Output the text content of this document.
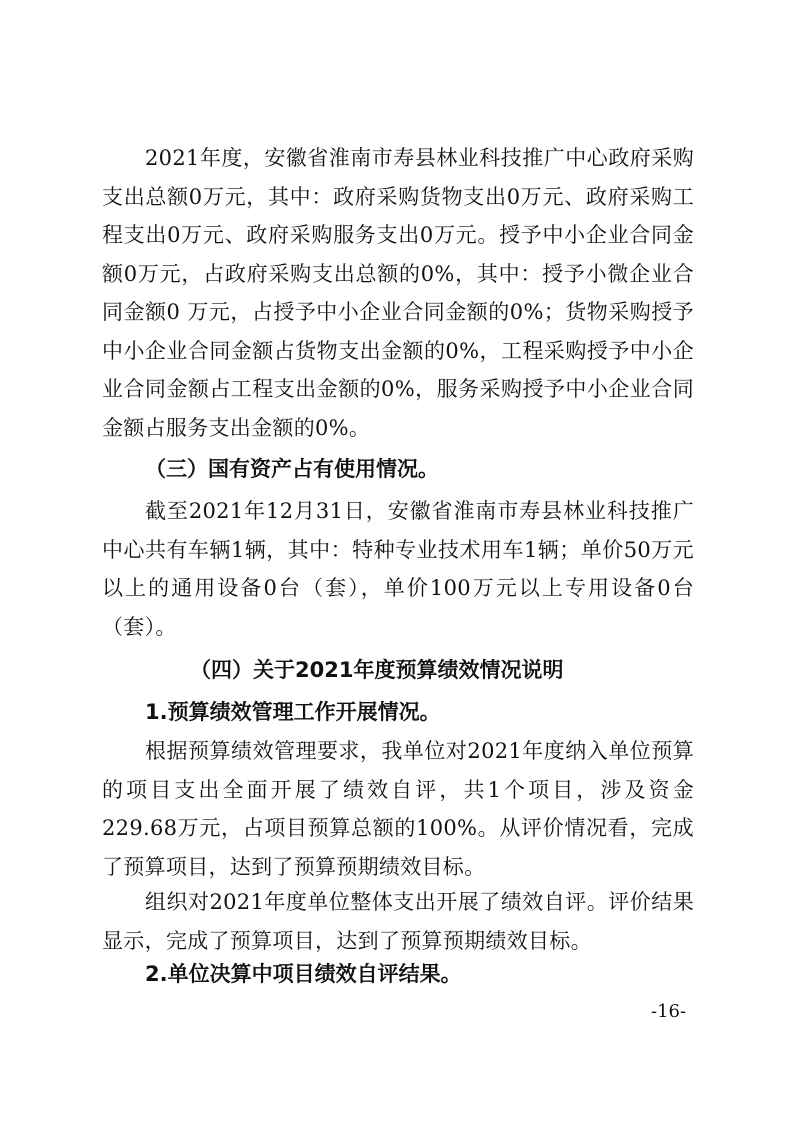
2021年度，安徽省淮南市寿县林业科技推广中心政府采购支出总额0万元，其中：政府采购货物支出0万元、政府采购工程支出0万元、政府采购服务支出0万元。授予中小企业合同金额0万元，占政府采购支出总额的0%，其中：授予小微企业合同金额0 万元，占授予中小企业合同金额的0%；货物采购授予中小企业合同金额占货物支出金额的0%，工程采购授予中小企业合同金额占工程支出金额的0%，服务采购授予中小企业合同金额占服务支出金额的0%。

（三）国有资产占有使用情况。

截至2021年12月31日，安徽省淮南市寿县林业科技推广中心共有车辆1辆，其中：特种专业技术用车1辆；单价50万元以上的通用设备0台（套），单价100万元以上专用设备0台（套）。

（四）关于2021年度预算绩效情况说明
1.预算绩效管理工作开展情况。

根据预算绩效管理要求，我单位对2021年度纳入单位预算的项目支出全面开展了绩效自评，共1个项目，涉及资金229.68万元，占项目预算总额的100%。从评价情况看，完成了预算项目，达到了预算预期绩效目标。

组织对2021年度单位整体支出开展了绩效自评。评价结果显示，完成了预算项目，达到了预算预期绩效目标。

2.单位决算中项目绩效自评结果。
-16-
